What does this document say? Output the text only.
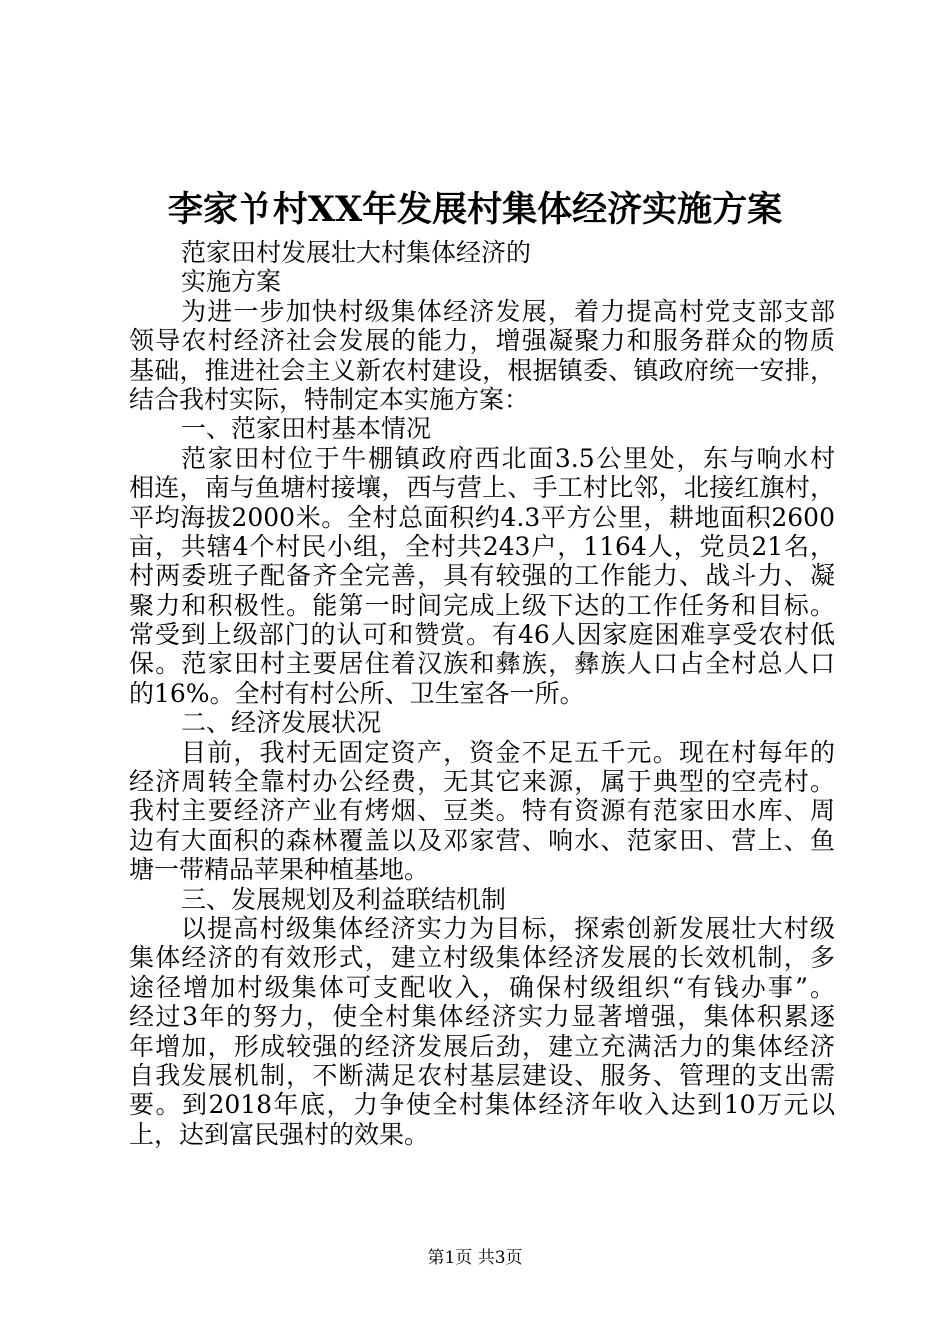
李家兯村XX年发展村集体经济实施方案
范家田村发展壮大村集体经济的
实施方案
为进一步加快村级集体经济发展，着力提高村党支部支部
领导农村经济社会发展的能力，增强凝聚力和服务群众的物质
基础，推进社会主义新农村建设，根据镇委、镇政府统一安排，
结合我村实际，特制定本实施方案：
一、范家田村基本情况
范家田村位于牛棚镇政府西北面3.5公里处，东与响水村
相连，南与鱼塘村接壤，西与营上、手工村比邻，北接红旗村，
平均海拔2000米。全村总面积约4.3平方公里，耕地面积2600
亩，共辖4个村民小组，全村共243户，1164人，党员21名，
村两委班子配备齐全完善，具有较强的工作能力、战斗力、凝
聚力和积极性。能第一时间完成上级下达的工作任务和目标。
常受到上级部门的认可和赞赏。有46人因家庭困难享受农村低
保。范家田村主要居住着汉族和彝族，彝族人口占全村总人口
的16%。全村有村公所、卫生室各一所。
二、经济发展状况
目前，我村无固定资产，资金不足五千元。现在村每年的
经济周转全靠村办公经费，无其它来源，属于典型的空壳村。
我村主要经济产业有烤烟、豆类。特有资源有范家田水库、周
边有大面积的森林覆盖以及邓家营、响水、范家田、营上、鱼
塘一带精品苹果种植基地。
三、发展规划及利益联结机制
以提高村级集体经济实力为目标，探索创新发展壮大村级
集体经济的有效形式，建立村级集体经济发展的长效机制，多
途径增加村级集体可支配收入，确保村级组织“有钱办事”。
经过3年的努力，使全村集体经济实力显著增强，集体积累逐
年增加，形成较强的经济发展后劲，建立充满活力的集体经济
自我发展机制，不断满足农村基层建设、服务、管理的支出需
要。到2018年底，力争使全村集体经济年收入达到10万元以
上，达到富民强村的效果。
第1页 共3页
